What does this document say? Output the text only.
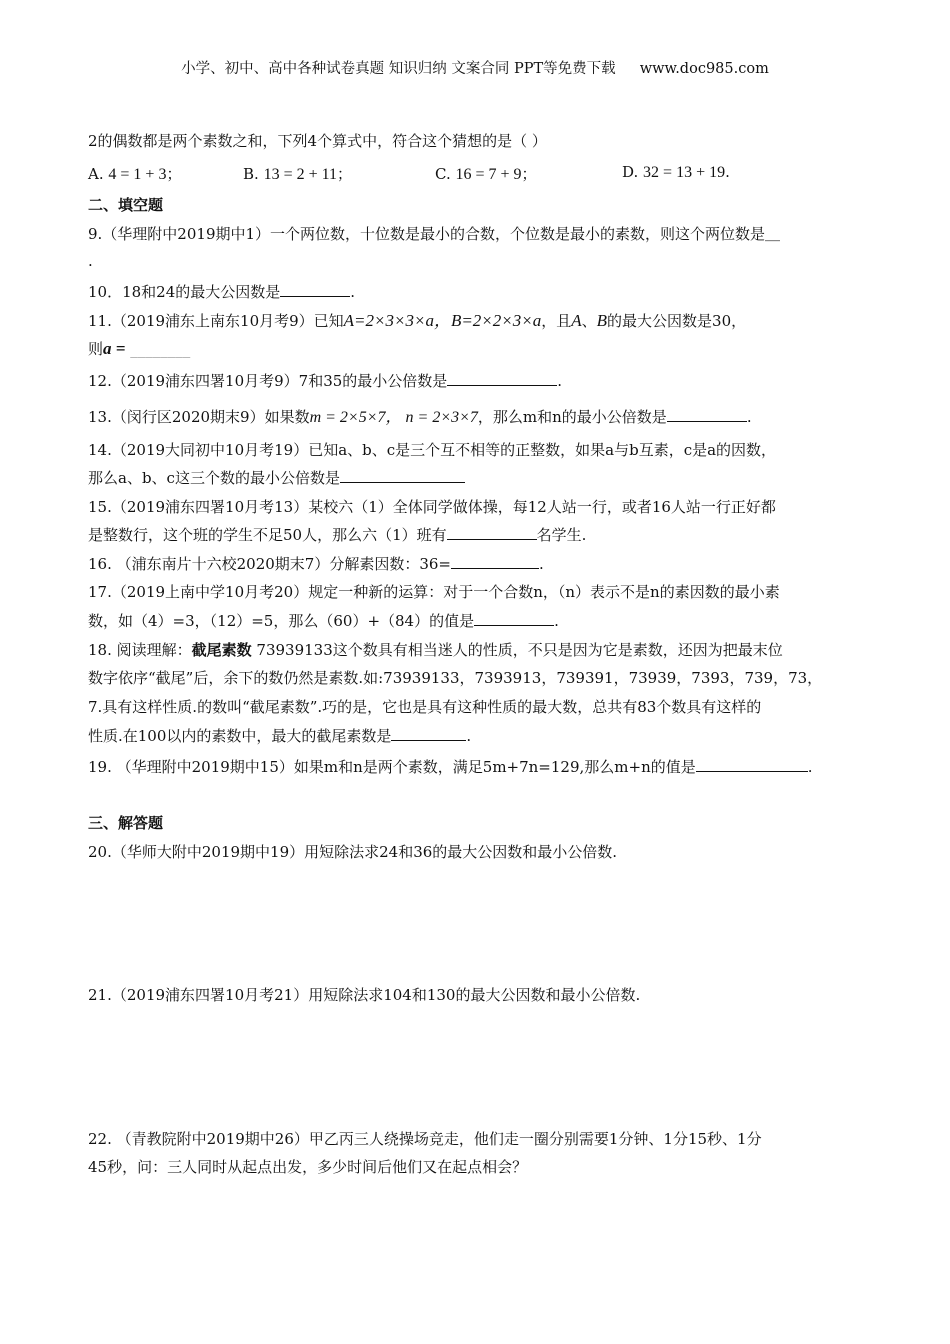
小学、初中、高中各种试卷真题 知识归纳 文案合同 PPT等免费下载 www.doc985.com
2的偶数都是两个素数之和，下列4个算式中，符合这个猜想的是（ ）
A. 4 = 1 + 3；	B. 13 = 2 + 11；	C. 16 = 7 + 9；	D. 32 = 13 + 19.
二、填空题
9.（华理附中2019期中1）一个两位数，十位数是最小的合数，个位数是最小的素数，则这个两位数是＿
.
10．18和24的最大公因数是	.
11.（2019浦东上南东10月考9）已知A=2×3×3×a，B=2×2×3×a，且A、B的最大公因数是30，
则a = ________
12.（2019浦东四署10月考9）7和35的最小公倍数是	.
13.（闵行区2020期末9）如果数m = 2×5×7， n = 2×3×7，那么m和n的最小公倍数是	.
14.（2019大同初中10月考19）已知a、b、c是三个互不相等的正整数，如果a与b互素，c是a的因数，
那么a、b、c这三个数的最小公倍数是
15.（2019浦东四署10月考13）某校六（1）全体同学做体操，每12人站一行，或者16人站一行正好都
是整数行，这个班的学生不足50人，那么六（1）班有	名学生.
16. （浦东南片十六校2020期末7）分解素因数：36=	.
17.（2019上南中学10月考20）规定一种新的运算：对于一个合数n，（n）表示不是n的素因数的最小素
数，如（4）=3，（12）=5，那么（60）+（84）的值是	.
18. 阅读理解：截尾素数 73939133这个数具有相当迷人的性质，不只是因为它是素数，还因为把最末位
数字依序“截尾”后，余下的数仍然是素数.如:73939133，7393913，739391，73939，7393，739，73，
7.具有这样性质.的数叫“截尾素数”.巧的是，它也是具有这种性质的最大数，总共有83个数具有这样的
性质.在100以内的素数中，最大的截尾素数是	.
19. （华理附中2019期中15）如果m和n是两个素数，满足5m+7n=129,那么m+n的值是	.
三、解答题
20.（华师大附中2019期中19）用短除法求24和36的最大公因数和最小公倍数.
21.（2019浦东四署10月考21）用短除法求104和130的最大公因数和最小公倍数.
22. （青教院附中2019期中26）甲乙丙三人绕操场竞走，他们走一圈分别需要1分钟、1分15秒、1分
45秒，问：三人同时从起点出发，多少时间后他们又在起点相会？
